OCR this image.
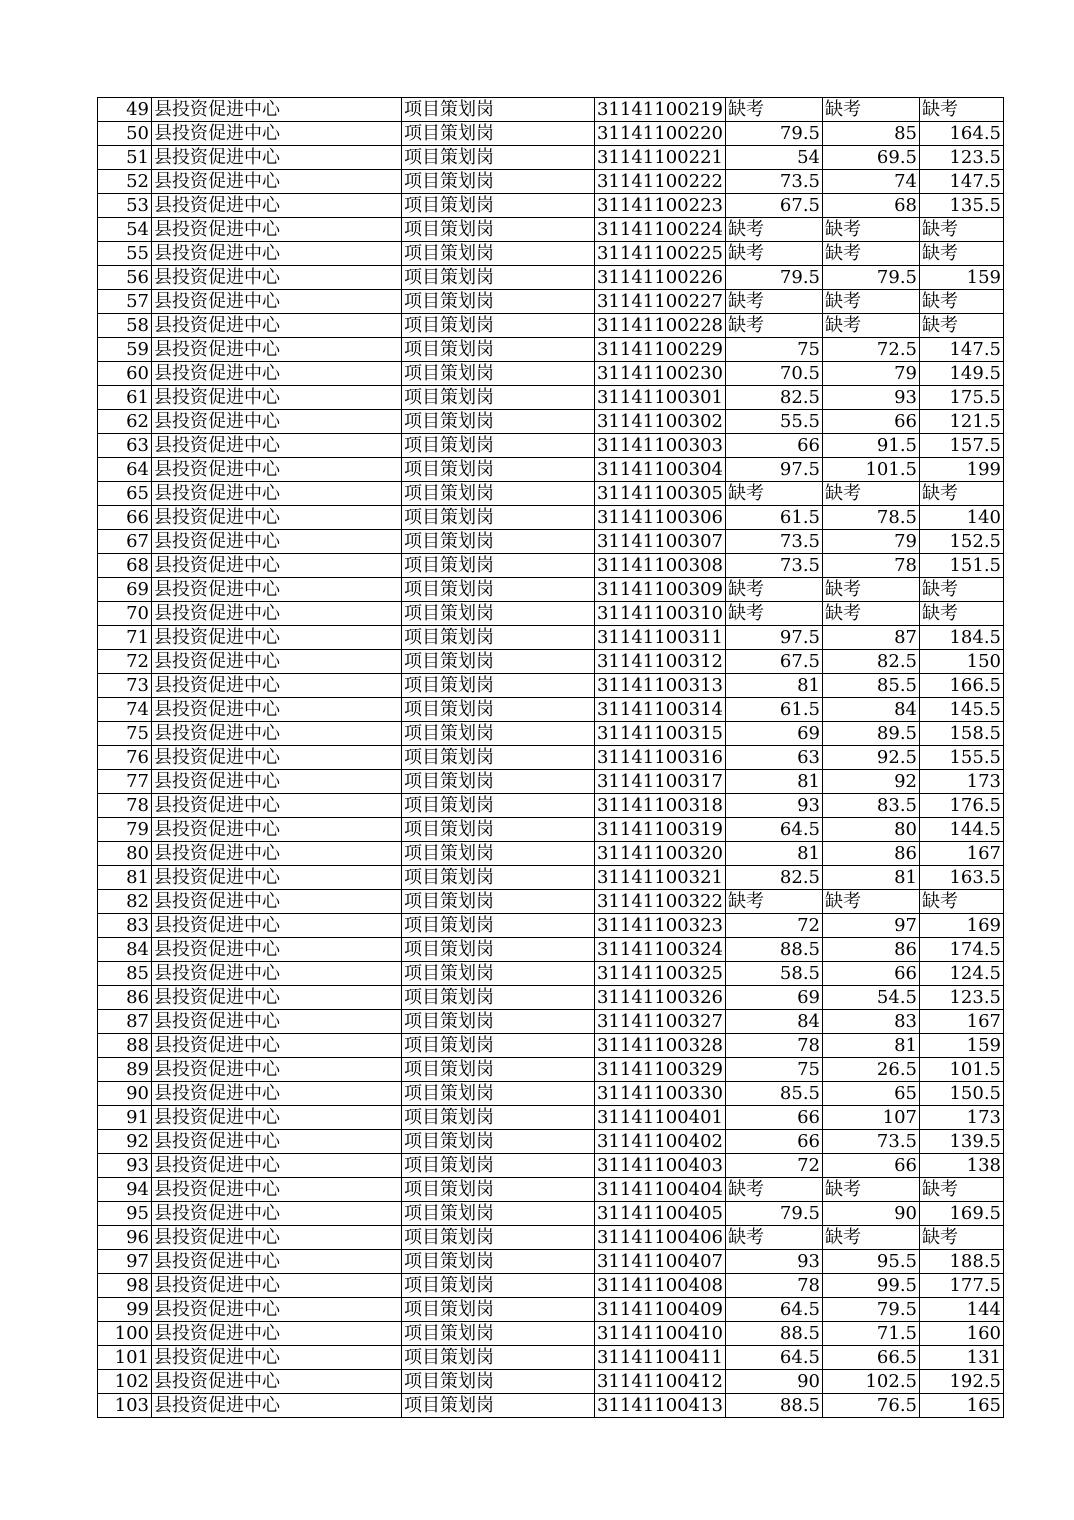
49	县投资促进中心	项目策划岗	31141100219	缺考	缺考	缺考
50	县投资促进中心	项目策划岗	31141100220	79.5	85	164.5
51	县投资促进中心	项目策划岗	31141100221	54	69.5	123.5
52	县投资促进中心	项目策划岗	31141100222	73.5	74	147.5
53	县投资促进中心	项目策划岗	31141100223	67.5	68	135.5
54	县投资促进中心	项目策划岗	31141100224	缺考	缺考	缺考
55	县投资促进中心	项目策划岗	31141100225	缺考	缺考	缺考
56	县投资促进中心	项目策划岗	31141100226	79.5	79.5	159
57	县投资促进中心	项目策划岗	31141100227	缺考	缺考	缺考
58	县投资促进中心	项目策划岗	31141100228	缺考	缺考	缺考
59	县投资促进中心	项目策划岗	31141100229	75	72.5	147.5
60	县投资促进中心	项目策划岗	31141100230	70.5	79	149.5
61	县投资促进中心	项目策划岗	31141100301	82.5	93	175.5
62	县投资促进中心	项目策划岗	31141100302	55.5	66	121.5
63	县投资促进中心	项目策划岗	31141100303	66	91.5	157.5
64	县投资促进中心	项目策划岗	31141100304	97.5	101.5	199
65	县投资促进中心	项目策划岗	31141100305	缺考	缺考	缺考
66	县投资促进中心	项目策划岗	31141100306	61.5	78.5	140
67	县投资促进中心	项目策划岗	31141100307	73.5	79	152.5
68	县投资促进中心	项目策划岗	31141100308	73.5	78	151.5
69	县投资促进中心	项目策划岗	31141100309	缺考	缺考	缺考
70	县投资促进中心	项目策划岗	31141100310	缺考	缺考	缺考
71	县投资促进中心	项目策划岗	31141100311	97.5	87	184.5
72	县投资促进中心	项目策划岗	31141100312	67.5	82.5	150
73	县投资促进中心	项目策划岗	31141100313	81	85.5	166.5
74	县投资促进中心	项目策划岗	31141100314	61.5	84	145.5
75	县投资促进中心	项目策划岗	31141100315	69	89.5	158.5
76	县投资促进中心	项目策划岗	31141100316	63	92.5	155.5
77	县投资促进中心	项目策划岗	31141100317	81	92	173
78	县投资促进中心	项目策划岗	31141100318	93	83.5	176.5
79	县投资促进中心	项目策划岗	31141100319	64.5	80	144.5
80	县投资促进中心	项目策划岗	31141100320	81	86	167
81	县投资促进中心	项目策划岗	31141100321	82.5	81	163.5
82	县投资促进中心	项目策划岗	31141100322	缺考	缺考	缺考
83	县投资促进中心	项目策划岗	31141100323	72	97	169
84	县投资促进中心	项目策划岗	31141100324	88.5	86	174.5
85	县投资促进中心	项目策划岗	31141100325	58.5	66	124.5
86	县投资促进中心	项目策划岗	31141100326	69	54.5	123.5
87	县投资促进中心	项目策划岗	31141100327	84	83	167
88	县投资促进中心	项目策划岗	31141100328	78	81	159
89	县投资促进中心	项目策划岗	31141100329	75	26.5	101.5
90	县投资促进中心	项目策划岗	31141100330	85.5	65	150.5
91	县投资促进中心	项目策划岗	31141100401	66	107	173
92	县投资促进中心	项目策划岗	31141100402	66	73.5	139.5
93	县投资促进中心	项目策划岗	31141100403	72	66	138
94	县投资促进中心	项目策划岗	31141100404	缺考	缺考	缺考
95	县投资促进中心	项目策划岗	31141100405	79.5	90	169.5
96	县投资促进中心	项目策划岗	31141100406	缺考	缺考	缺考
97	县投资促进中心	项目策划岗	31141100407	93	95.5	188.5
98	县投资促进中心	项目策划岗	31141100408	78	99.5	177.5
99	县投资促进中心	项目策划岗	31141100409	64.5	79.5	144
100	县投资促进中心	项目策划岗	31141100410	88.5	71.5	160
101	县投资促进中心	项目策划岗	31141100411	64.5	66.5	131
102	县投资促进中心	项目策划岗	31141100412	90	102.5	192.5
103	县投资促进中心	项目策划岗	31141100413	88.5	76.5	165
